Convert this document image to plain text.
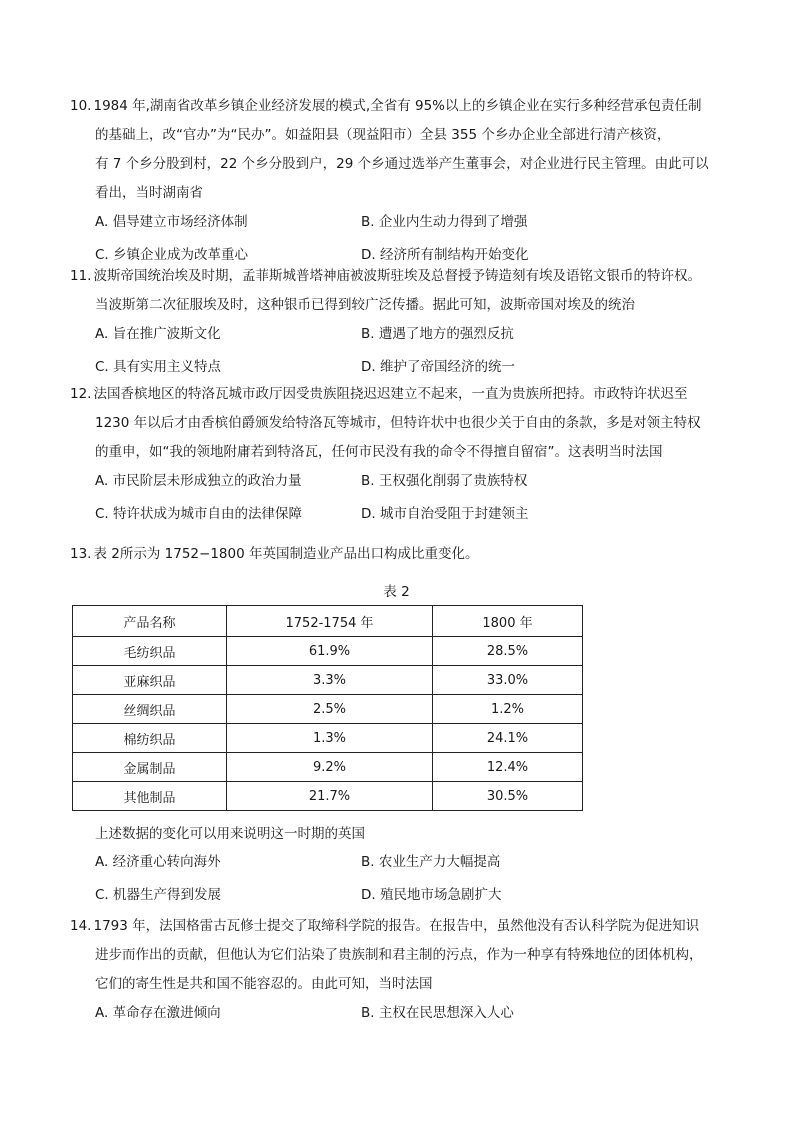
10. 1984 年,湖南省改革乡镇企业经济发展的模式,全省有 95%以上的乡镇企业在实行多种经营承包责任制
的基础上，改“官办”为“民办”。如益阳县（现益阳市）全县 355 个乡办企业全部进行清产核资，
有 7 个乡分股到村，22 个乡分股到户，29 个乡通过选举产生董事会，对企业进行民主管理。由此可以
看出，当时湖南省

A. 倡导建立市场经济体制	B. 企业内生动力得到了增强
C. 乡镇企业成为改革重心	D. 经济所有制结构开始变化

11. 波斯帝国统治埃及时期，孟菲斯城普塔神庙被波斯驻埃及总督授予铸造刻有埃及语铭文银币的特许权。
当波斯第二次征服埃及时，这种银币已得到较广泛传播。据此可知，波斯帝国对埃及的统治

A. 旨在推广波斯文化	B. 遭遇了地方的强烈反抗
C. 具有实用主义特点	D. 维护了帝国经济的统一

12. 法国香槟地区的特洛瓦城市政厅因受贵族阻挠迟迟建立不起来，一直为贵族所把持。市政特许状迟至
1230 年以后才由香槟伯爵颁发给特洛瓦等城市，但特许状中也很少关于自由的条款，多是对领主特权
的重申，如“我的领地附庸若到特洛瓦，任何市民没有我的命令不得擅自留宿”。这表明当时法国

A. 市民阶层未形成独立的政治力量	B. 王权强化削弱了贵族特权
C. 特许状成为城市自由的法律保障	D. 城市自治受阻于封建领主

13. 表 2所示为 1752−1800 年英国制造业产品出口构成比重变化。

表 2
产品名称	1752-1754 年	1800 年
毛纺织品	61.9%	28.5%
亚麻织品	3.3%	33.0%
丝绸织品	2.5%	1.2%
棉纺织品	1.3%	24.1%
金属制品	9.2%	12.4%
其他制品	21.7%	30.5%
上述数据的变化可以用来说明这一时期的英国
A. 经济重心转向海外	B. 农业生产力大幅提高
C. 机器生产得到发展	D. 殖民地市场急剧扩大

14. 1793 年，法国格雷古瓦修士提交了取缔科学院的报告。在报告中，虽然他没有否认科学院为促进知识
进步而作出的贡献，但他认为它们沾染了贵族制和君主制的污点，作为一种享有特殊地位的团体机构，
它们的寄生性是共和国不能容忍的。由此可知，当时法国

A. 革命存在激进倾向	B. 主权在民思想深入人心
